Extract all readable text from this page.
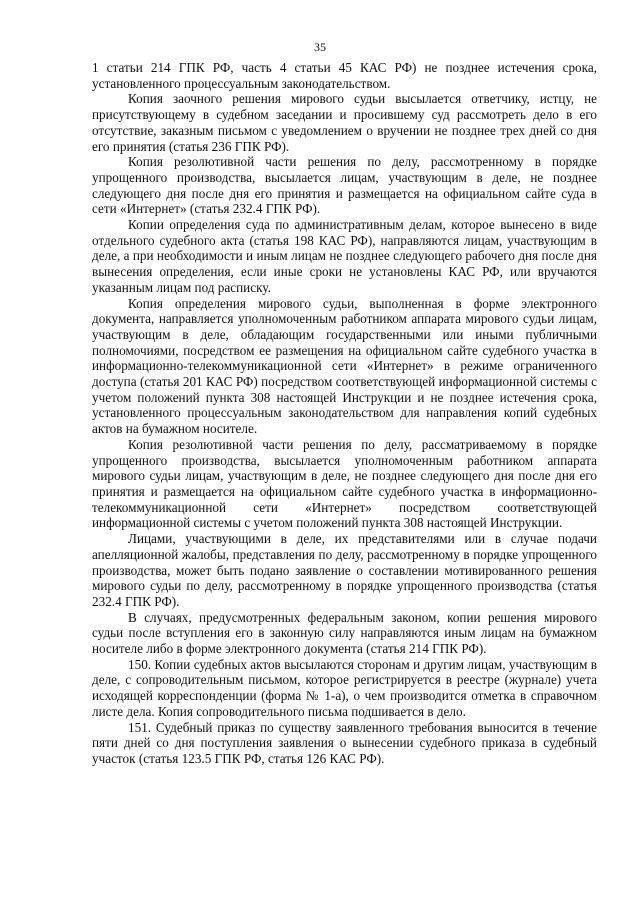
35

1 статьи 214 ГПК РФ, часть 4 статьи 45 КАС РФ) не позднее истечения срока, установленного процессуальным законодательством.

Копия заочного решения мирового судьи высылается ответчику, истцу, не присутствующему в судебном заседании и просившему суд рассмотреть дело в его отсутствие, заказным письмом с уведомлением о вручении не позднее трех дней со дня его принятия (статья 236 ГПК РФ).

Копия резолютивной части решения по делу, рассмотренному в порядке упрощенного производства, высылается лицам, участвующим в деле, не позднее следующего дня после дня его принятия и размещается на официальном сайте суда в сети «Интернет» (статья 232.4 ГПК РФ).

Копии определения суда по административным делам, которое вынесено в виде отдельного судебного акта (статья 198 КАС РФ), направляются лицам, участвующим в деле, а при необходимости и иным лицам не позднее следующего рабочего дня после дня вынесения определения, если иные сроки не установлены КАС РФ, или вручаются указанным лицам под расписку.

Копия определения мирового судьи, выполненная в форме электронного документа, направляется уполномоченным работником аппарата мирового судьи лицам, участвующим в деле, обладающим государственными или иными публичными полномочиями, посредством ее размещения на официальном сайте судебного участка в информационно-телекоммуникационной сети «Интернет» в режиме ограниченного доступа (статья 201 КАС РФ) посредством соответствующей информационной системы с учетом положений пункта 308 настоящей Инструкции и не позднее истечения срока, установленного процессуальным законодательством для направления копий судебных актов на бумажном носителе.

Копия резолютивной части решения по делу, рассматриваемому в порядке упрощенного производства, высылается уполномоченным работником аппарата мирового судьи лицам, участвующим в деле, не позднее следующего дня после дня его принятия и размещается на официальном сайте судебного участка в информационно-телекоммуникационной сети «Интернет» посредством соответствующей информационной системы с учетом положений пункта 308 настоящей Инструкции.

Лицами, участвующими в деле, их представителями или в случае подачи апелляционной жалобы, представления по делу, рассмотренному в порядке упрощенного производства, может быть подано заявление о составлении мотивированного решения мирового судьи по делу, рассмотренному в порядке упрощенного производства (статья 232.4 ГПК РФ).

В случаях, предусмотренных федеральным законом, копии решения мирового судьи после вступления его в законную силу направляются иным лицам на бумажном носителе либо в форме электронного документа (статья 214 ГПК РФ).

150. Копии судебных актов высылаются сторонам и другим лицам, участвующим в деле, с сопроводительным письмом, которое регистрируется в реестре (журнале) учета исходящей корреспонденции (форма № 1-а), о чем производится отметка в справочном листе дела. Копия сопроводительного письма подшивается в дело.

151. Судебный приказ по существу заявленного требования выносится в течение пяти дней со дня поступления заявления о вынесении судебного приказа в судебный участок (статья 123.5 ГПК РФ, статья 126 КАС РФ).
